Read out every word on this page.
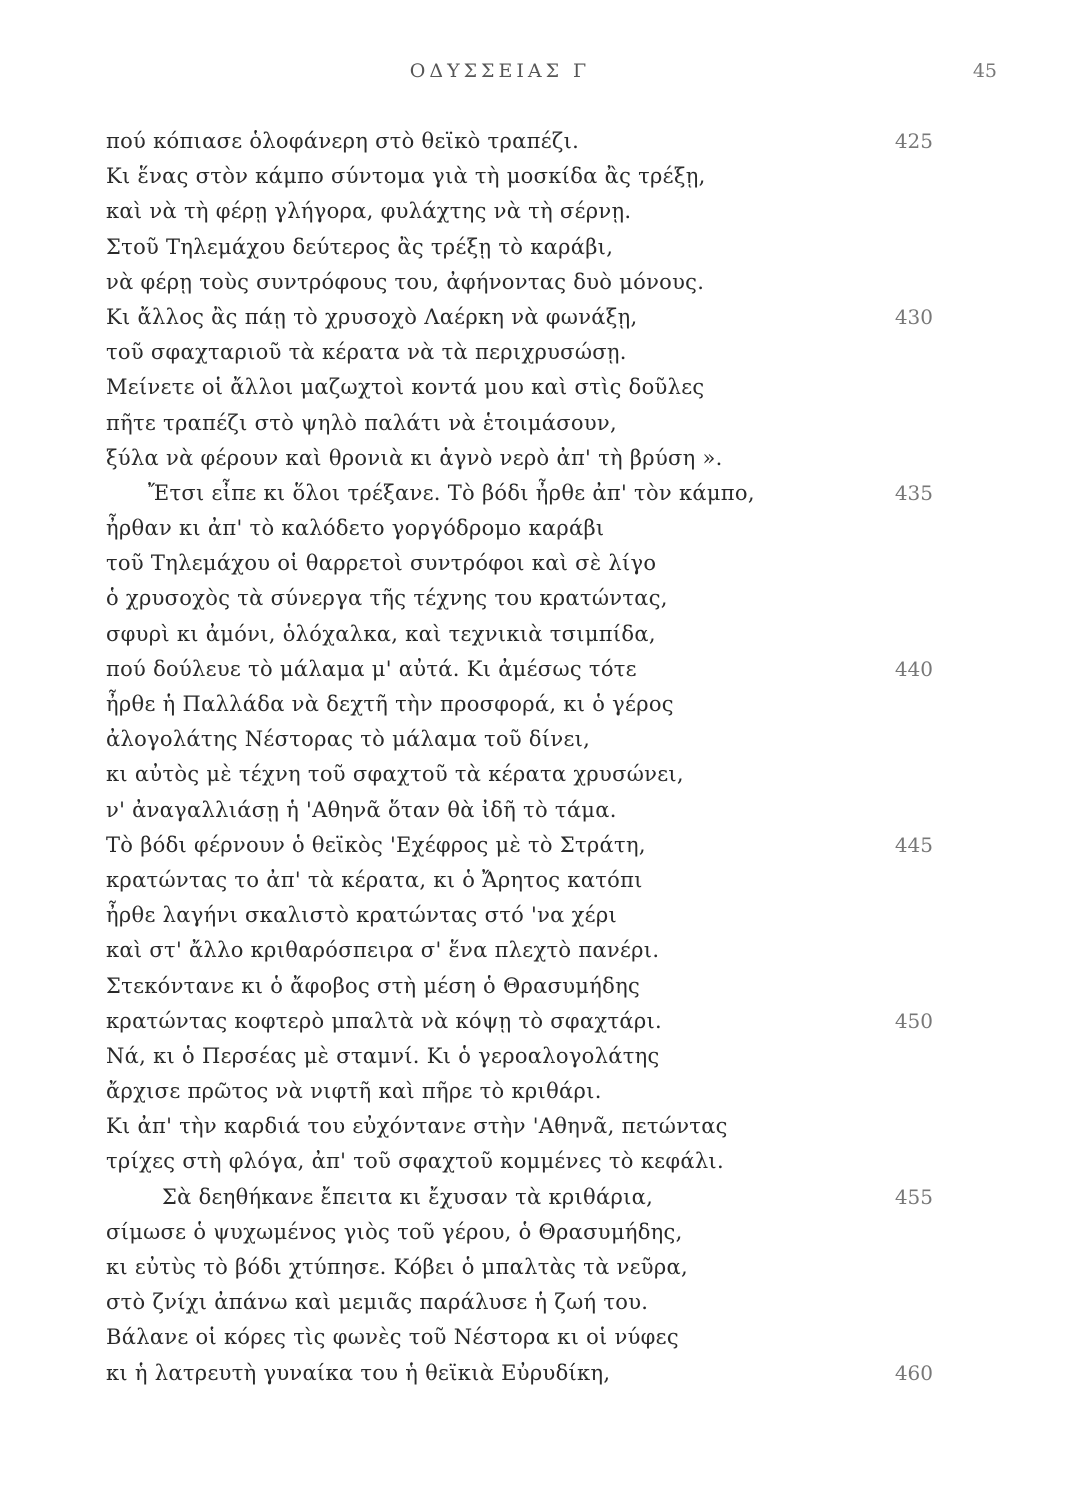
ΟΔΥΣΣΕΙΑΣ Γ	45
πού κόπιασε ὁλοφάνερη στὸ θεϊκὸ τραπέζι.	425
Κι ἕνας στὸν κάμπο σύντομα γιὰ τὴ μοσκίδα ἂς τρέξῃ,
καὶ νὰ τὴ φέρῃ γλήγορα, φυλάχτης νὰ τὴ σέρνῃ.
Στοῦ Τηλεμάχου δεύτερος ἂς τρέξῃ τὸ καράβι,
νὰ φέρῃ τοὺς συντρόφους του, ἀφήνοντας δυὸ μόνους.
Κι ἄλλος ἂς πάῃ τὸ χρυσοχὸ Λαέρκη νὰ φωνάξῃ,	430
τοῦ σφαχταριοῦ τὰ κέρατα νὰ τὰ περιχρυσώσῃ.
Μείνετε οἱ ἄλλοι μαζωχτοὶ κοντά μου καὶ στὶς δοῦλες
πῆτε τραπέζι στὸ ψηλὸ παλάτι νὰ ἑτοιμάσουν,
ξύλα νὰ φέρουν καὶ θρονιὰ κι ἁγνὸ νερὸ ἀπ' τὴ βρύση ».
Ἔτσι εἶπε κι ὅλοι τρέξανε. Τὸ βόδι ἦρθε ἀπ' τὸν κάμπο,	435
ἦρθαν κι ἀπ' τὸ καλόδετο γοργόδρομο καράβι
τοῦ Τηλεμάχου οἱ θαρρετοὶ συντρόφοι καὶ σὲ λίγο
ὁ χρυσοχὸς τὰ σύνεργα τῆς τέχνης του κρατώντας,
σφυρὶ κι ἀμόνι, ὁλόχαλκα, καὶ τεχνικιὰ τσιμπίδα,
πού δούλευε τὸ μάλαμα μ' αὐτά. Κι ἀμέσως τότε	440
ἦρθε ἡ Παλλάδα νὰ δεχτῆ τὴν προσφορά, κι ὁ γέρος
ἀλογολάτης Νέστορας τὸ μάλαμα τοῦ δίνει,
κι αὐτὸς μὲ τέχνη τοῦ σφαχτοῦ τὰ κέρατα χρυσώνει,
ν' ἀναγαλλιάσῃ ἡ 'Αθηνᾶ ὅταν θὰ ἰδῆ τὸ τάμα.
Τὸ βόδι φέρνουν ὁ θεϊκὸς 'Εχέφρος μὲ τὸ Στράτη,	445
κρατώντας το ἀπ' τὰ κέρατα, κι ὁ Ἄρητος κατόπι
ἦρθε λαγήνι σκαλιστὸ κρατώντας στό 'να χέρι
καὶ στ' ἄλλο κριθαρόσπειρα σ' ἕνα πλεχτὸ πανέρι.
Στεκόντανε κι ὁ ἄφοβος στὴ μέση ὁ Θρασυμήδης
κρατώντας κοφτερὸ μπαλτὰ νὰ κόψῃ τὸ σφαχτάρι.	450
Νά, κι ὁ Περσέας μὲ σταμνί. Κι ὁ γεροαλογολάτης
ἄρχισε πρῶτος νὰ νιφτῆ καὶ πῆρε τὸ κριθάρι.
Κι ἀπ' τὴν καρδιά του εὐχόντανε στὴν 'Αθηνᾶ, πετώντας
τρίχες στὴ φλόγα, ἀπ' τοῦ σφαχτοῦ κομμένες τὸ κεφάλι.
Σὰ δεηθήκανε ἔπειτα κι ἔχυσαν τὰ κριθάρια,	455
σίμωσε ὁ ψυχωμένος γιὸς τοῦ γέρου, ὁ Θρασυμήδης,
κι εὐτὺς τὸ βόδι χτύπησε. Κόβει ὁ μπαλτὰς τὰ νεῦρα,
στὸ ζνίχι ἀπάνω καὶ μεμιᾶς παράλυσε ἡ ζωή του.
Βάλανε οἱ κόρες τὶς φωνὲς τοῦ Νέστορα κι οἱ νύφες
κι ἡ λατρευτὴ γυναίκα του ἡ θεϊκιὰ Εὐρυδίκη,	460
